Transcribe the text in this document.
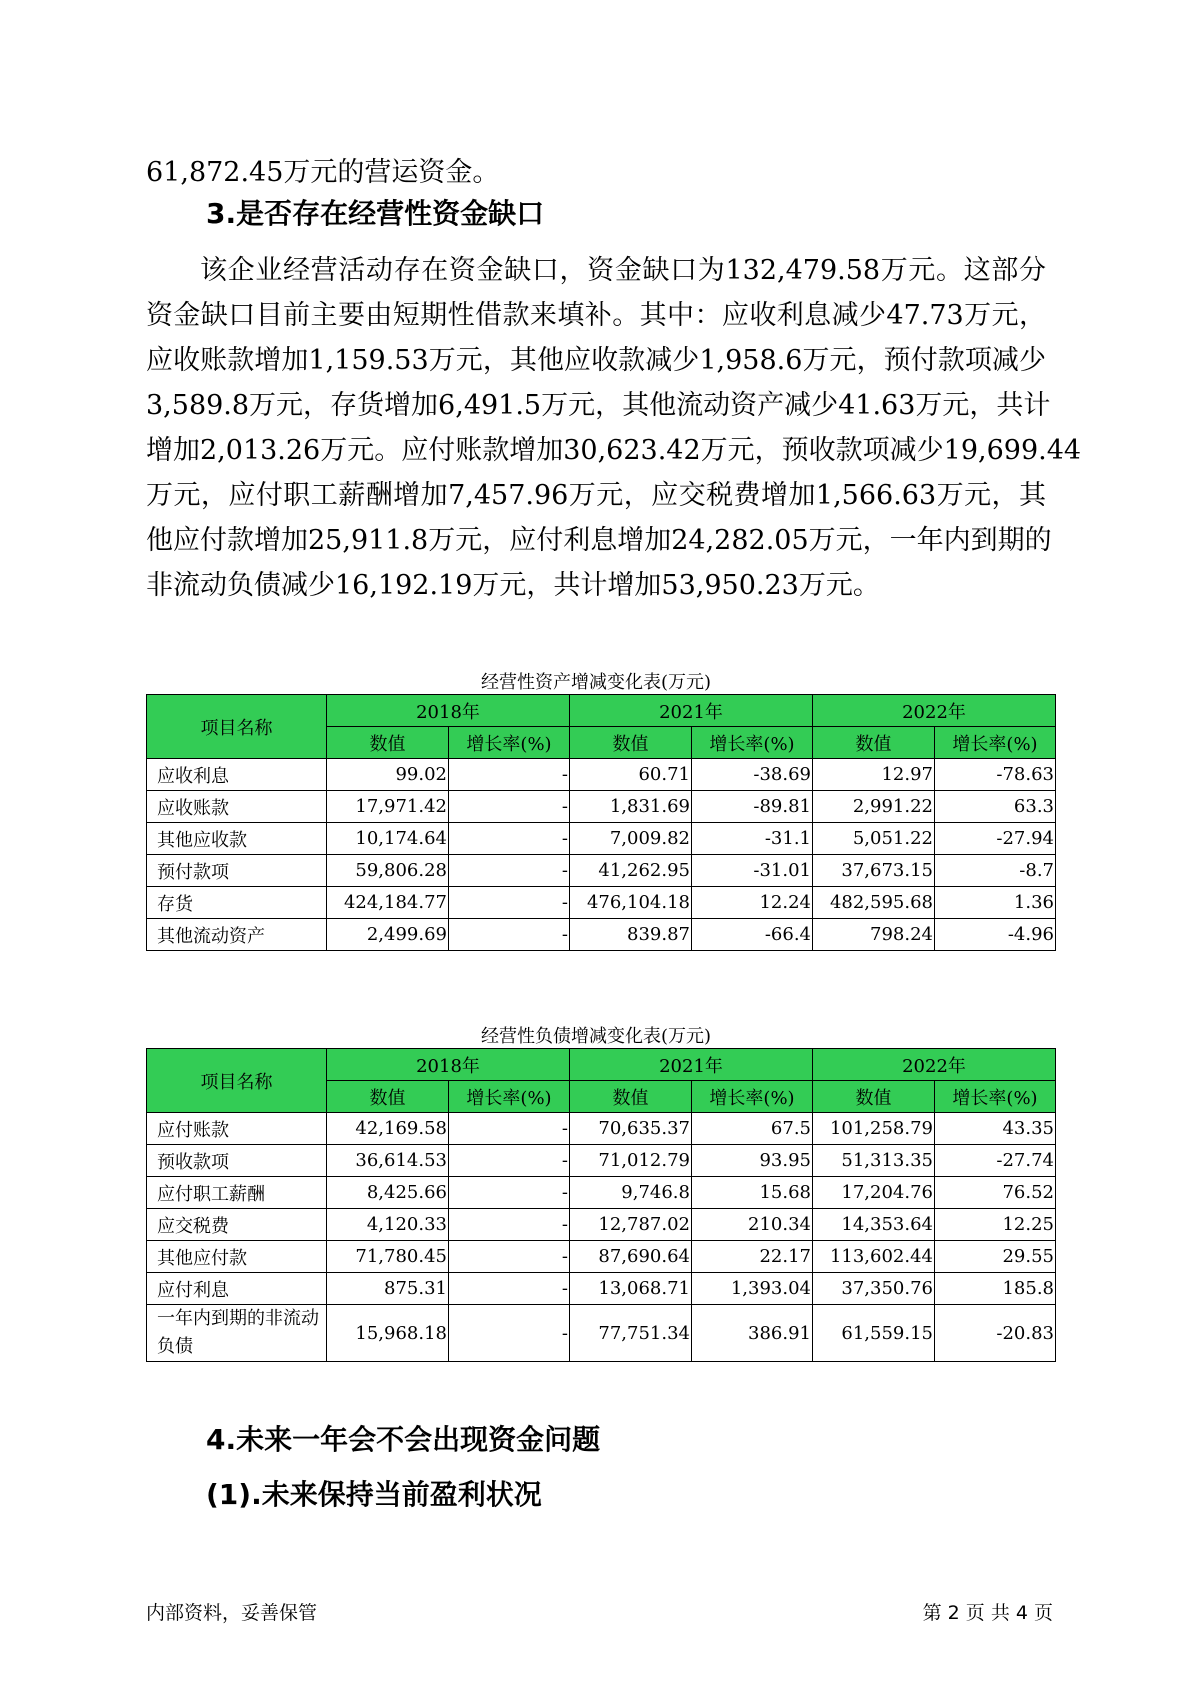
61,872.45万元的营运资金。
3.是否存在经营性资金缺口
该企业经营活动存在资金缺口，资金缺口为132,479.58万元。这部分
资金缺口目前主要由短期性借款来填补。其中：应收利息减少47.73万元，
应收账款增加1,159.53万元，其他应收款减少1,958.6万元，预付款项减少
3,589.8万元，存货增加6,491.5万元，其他流动资产减少41.63万元，共计
增加2,013.26万元。应付账款增加30,623.42万元，预收款项减少19,699.44
万元，应付职工薪酬增加7,457.96万元，应交税费增加1,566.63万元，其
他应付款增加25,911.8万元，应付利息增加24,282.05万元，一年内到期的
非流动负债减少16,192.19万元，共计增加53,950.23万元。
经营性资产增减变化表(万元)
项目名称	2018年		2021年		2022年	
	数值	增长率(%)	数值	增长率(%)	数值	增长率(%)
应收利息	99.02	-	60.71	-38.69	12.97	-78.63
应收账款	17,971.42	-	1,831.69	-89.81	2,991.22	63.3
其他应收款	10,174.64	-	7,009.82	-31.1	5,051.22	-27.94
预付款项	59,806.28	-	41,262.95	-31.01	37,673.15	-8.7
存货	424,184.77	-	476,104.18	12.24	482,595.68	1.36
其他流动资产	2,499.69	-	839.87	-66.4	798.24	-4.96
经营性负债增减变化表(万元)
项目名称	2018年		2021年		2022年	
	数值	增长率(%)	数值	增长率(%)	数值	增长率(%)
应付账款	42,169.58	-	70,635.37	67.5	101,258.79	43.35
预收款项	36,614.53	-	71,012.79	93.95	51,313.35	-27.74
应付职工薪酬	8,425.66	-	9,746.8	15.68	17,204.76	76.52
应交税费	4,120.33	-	12,787.02	210.34	14,353.64	12.25
其他应付款	71,780.45	-	87,690.64	22.17	113,602.44	29.55
应付利息	875.31	-	13,068.71	1,393.04	37,350.76	185.8
一年内到期的非流动负债	15,968.18	-	77,751.34	386.91	61,559.15	-20.83
4.未来一年会不会出现资金问题
(1).未来保持当前盈利状况
内部资料，妥善保管	第 2 页 共 4 页
